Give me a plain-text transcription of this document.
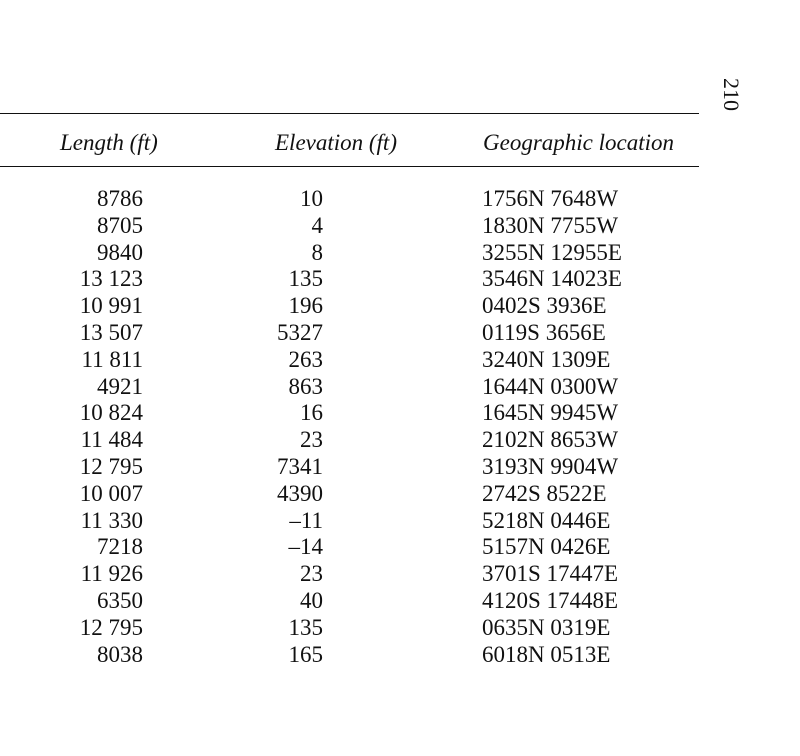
210
Length (ft)	Elevation (ft)	Geographic location
8786	10	1756N 7648W
8705	4	1830N 7755W
9840	8	3255N 12955E
13 123	135	3546N 14023E
10 991	196	0402S 3936E
13 507	5327	0119S 3656E
11 811	263	3240N 1309E
4921	863	1644N 0300W
10 824	16	1645N 9945W
11 484	23	2102N 8653W
12 795	7341	3193N 9904W
10 007	4390	2742S 8522E
11 330	–11	5218N 0446E
7218	–14	5157N 0426E
11 926	23	3701S 17447E
6350	40	4120S 17448E
12 795	135	0635N 0319E
8038	165	6018N 0513E
